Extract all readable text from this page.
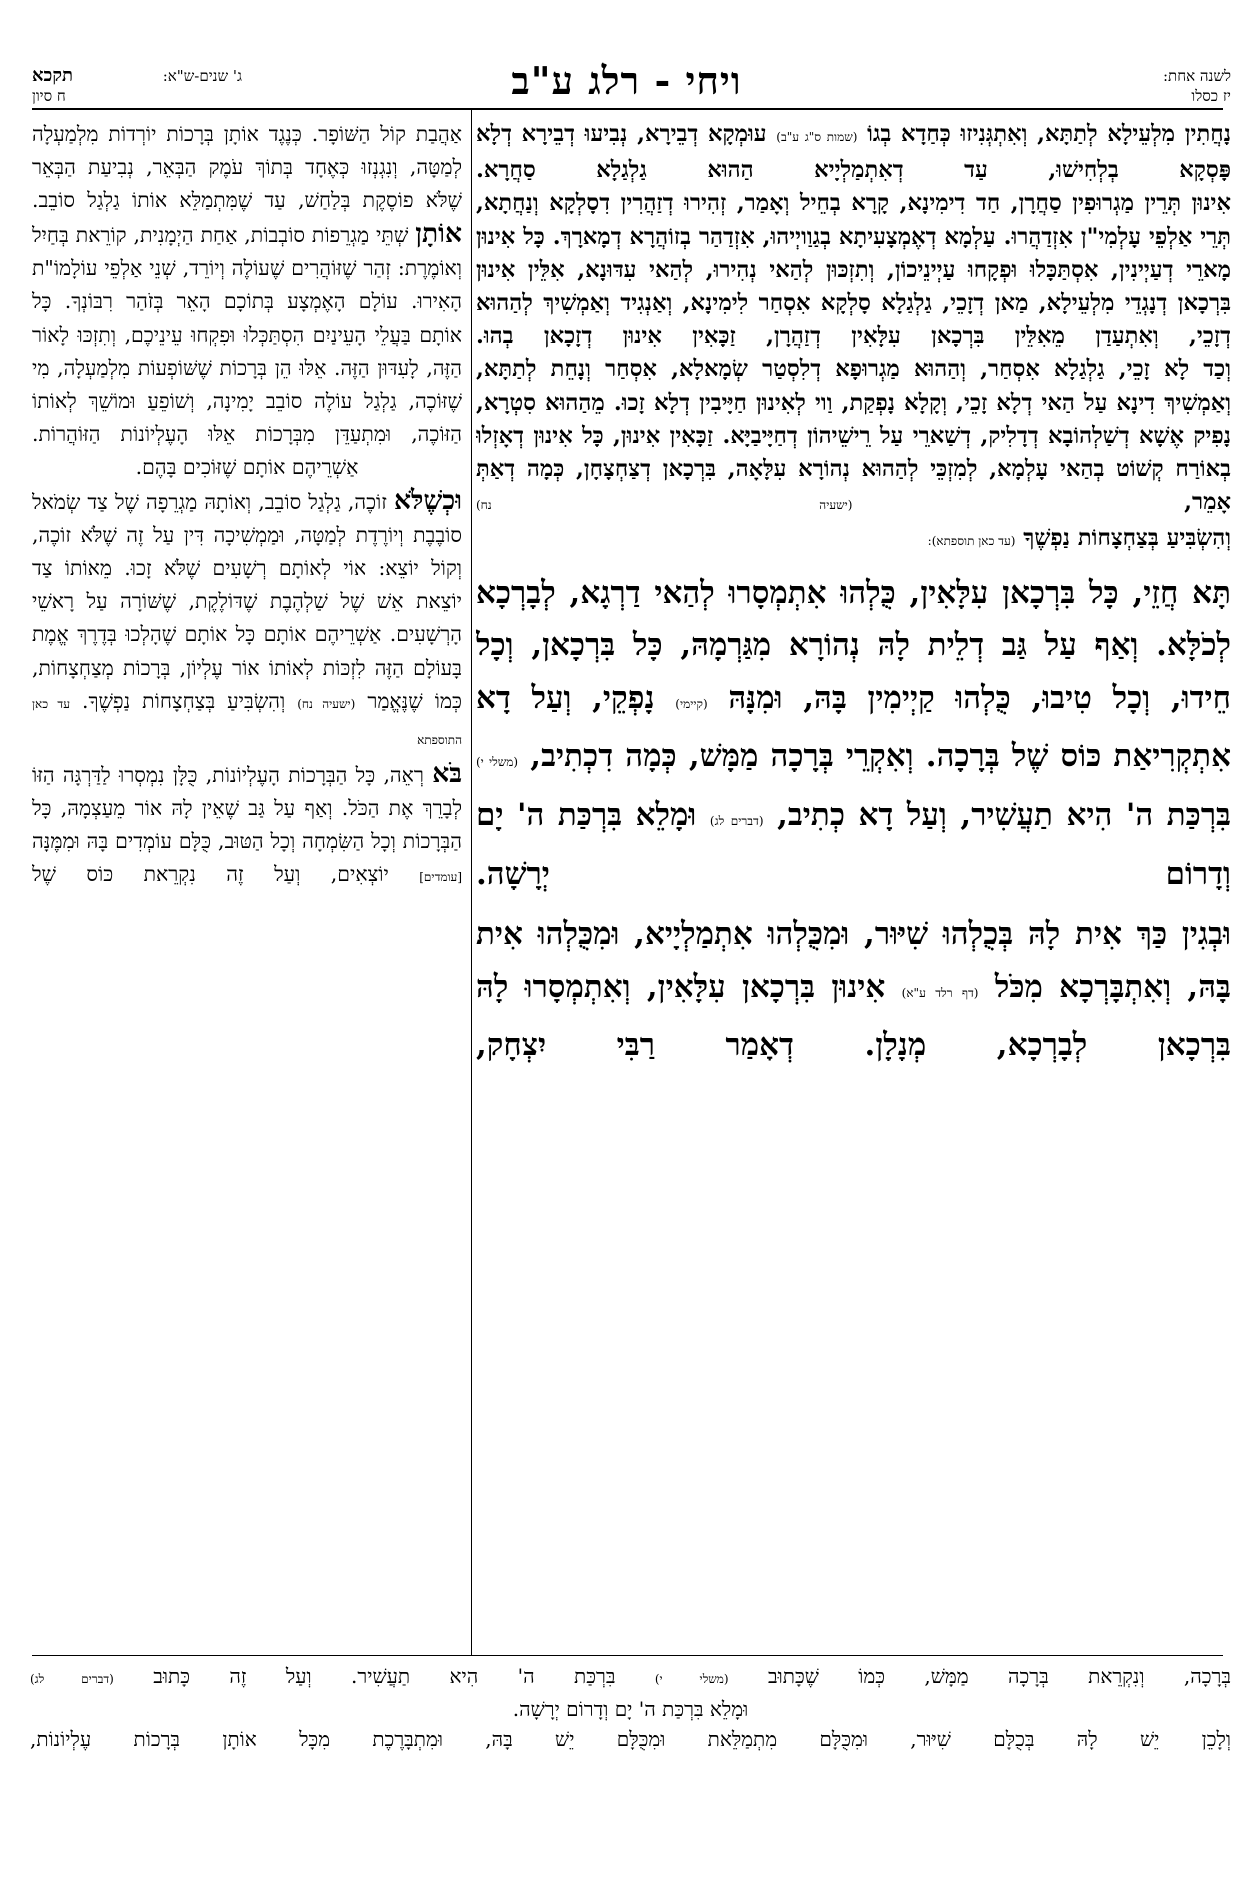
לשנה אחת:
יז כסלו
ויחי - רלג ע"ב
ג' שנים-ש"א:
תקכא
ח סיון

נָחֲתִין מִלְעֵילָא לְתַתָּא, וְאִתְגְּנִיזוּ כְּחַדָא בְגוֹ (שמות ס"ג ע"ב) עוּמְקָא דְבֵירָא, נְבִיעוּ דְבֵירָא דְלָא פָּסְקָא בְלְחִישׁוּ, עַד דְאִתְמַלְיָיא הַהוּא גַלְגַלָא סַחֲרָא.

אִינוּן תְּרֵין מַגְרוּפִין סַחֲרָן, חַד דִימִינָא, קָרָא בְחֵיל וְאָמַר, זְהִירוּ דְזַהֲרִין דִסָלְקָא וְנַחֲתָא, תְּרֵי אַלְפֵי עָלְמִי"ן אִזְדַהֲרוּ. עַלְמָא דְאֶמְצָעִיתָא בְגַוַויְיהוּ, אִזְדַהַר בְזוֹהֲרָא דְמָארָךְ. כָּל אִינוּן מָארֵי דְעַיְינִין, אִסְתַּכָּלוּ וּפְקָחוּ עַיְינֵיכוֹן, וְתִזְכּוּן לְהַאי נְהִירוּ, לְהַאי עִדּוּנָא, אִלֵּין אִינוּן בִּרְכָאן דְנָגְדֵי מִלְעֵילָא, מַאן דְזָכֵי, גַלְגַלָא סָלְקָא אִסְחַר לִימִינָא, וְאַנְגִיד וְאַמְשִׁיךְ לְהַהוּא דְזָכֵי, וְאִתְעַדַן מֵאִלֵּין בִּרְכָאן עִלָּאִין דְזַהֲרָן, זַכָּאִין אִינוּן דְזָכָאן בְהוּ.

וְכַד לָא זָכֵי, גַלְגַלָא אִסְחַר, וְהַהוּא מַגְרוּפָא דְלִסְטַר שְׂמָאלָא, אִסְחַר וְנָחֵת לְתַתָּא, וְאַמְשִׁיךְ דִינָא עַל הַאי דְלָא זָכֵי, וְקָלָא נָפְקַת, וַוי לְאִינוּן חַיָּיבִין דְלָא זָכוּ. מֵהַהוּא סִטְרָא, נָפִיק אֶשָׁא דְשַׁלְהוֹבָא דְדָלִיק, דְשַׁארֵי עַל רֵישֵׁיהוֹן דְחַיָּיבַיָּא. זַכָּאִין אִינוּן, כָּל אִינוּן דְאָזְלוּ בְאוֹרַח קְשׁוֹט בְהַאי עָלְמָא, לְמִזְכֵּי לְהַהוּא נְהוֹרָא עִלָּאָה, בִּרְכָאן דְצַחְצָחָן, כְּמָה דְאַתְּ אָמֵר, (ישעיה נח)

וְהִשְׂבִּיעַ בְּצַחְצָחוֹת נַפְשֶׁךָ (עד כאן תוספתא):

תָּא חֲזֵי, כָּל בִּרְכָאן עִלָּאִין, כֻּלְהוּ אִתְמְסָרוּ לְהַאי דַרְגָא, לְבָרְכָא לְכֹלָּא. וְאַף עַל גַּב דְלֵית לָהּ נְהוֹרָא מִגַּרְמָהּ, כָּל בִּרְכָאן, וְכָל חֵידוּ, וְכָל טִיבוּ, כֻּלְהוּ קַיְימִין בָּהּ, וּמִנָּהּ (קיימי) נָפְקֵי, וְעַל דָא אִתְקְרִיאַת כּוֹס שֶׁל בְּרָכָה. וְאִקְרֵי בְּרָכָה מַמָּשׁ, כְּמָה דִכְתִיב, (משלי י) בִּרְכַּת ה' הִיא תַעֲשִׁיר, וְעַל דָא כְתִיב, (דברים לג) וּמָלֵא בִּרְכַּת ה' יָם וְדָרוֹם יְרָשָׁה.

וּבְגִין כַּךְ אִית לָהּ בְּכֻלְהוּ שִׁיּוּר, וּמִכֻּלְהוּ אִתְמַלְיָיא, וּמִכֻּלְהוּ אִית בָּהּ, וְאִתְבָּרְכָא מִכֹּל (דף רלד ע"א) אִינוּן בִּרְכָאן עִלָּאִין, וְאִתְמְסָרוּ לָהּ בִּרְכָאן לְבָרְכָא, מְנָלָן. דְאָמַר רַבִּי יִצְחָק,

אַהֲבַת קוֹל הַשּׁוֹפָר. כְּנֶגֶד אוֹתָן בְּרָכוֹת יוֹרְדוֹת מִלְמַעְלָה לְמַטָּה, וְנִגְנְזוּ כְּאֶחָד בְּתוֹךְ עֹמֶק הַבְּאֵר, נְבִיעַת הַבְּאֵר שֶׁלֹּא פוֹסֶקֶת בְּלַחַשׁ, עַד שֶׁמִּתְמַלֵּא אוֹתוֹ גַלְגַל סוֹבֵב.

אוֹתָן שְׁתֵּי מַגְרֵפוֹת סוֹבְבוֹת, אַחַת הַיְמָנִית, קוֹרֵאת בְּחַיִל וְאוֹמֶרֶת: זְהַר שֶׁזּוֹהֲרִים שֶׁעוֹלֶה וְיוֹרֵד, שְׁנֵי אַלְפֵי עוֹלָמוֹ"ת הָאִירוּ. עוֹלָם הָאֶמְצָע בְּתוֹכָם הָאֵר בְּזֹהַר רִבּוֹנְךָ. כָּל אוֹתָם בַּעֲלֵי הָעֵינַיִם הִסְתַּכְּלוּ וּפִקְחוּ עֵינֵיכֶם, וְתִזְכּוּ לָאוֹר הַזֶּה, לָעִדּוּן הַזֶּה. אֵלּוּ הֵן בְּרָכוֹת שֶׁשּׁוֹפְעוֹת מִלְמַעְלָה, מִי שֶׁזּוֹכֶה, גַלְגַל עוֹלֶה סוֹבֵב יָמִינָה, וְשׁוֹפֵעַ וּמוֹשֵׁךְ לְאוֹתוֹ הַזּוֹכֶה, וּמִתְעַדֵּן מִבְּרָכוֹת אֵלּוּ הָעֶלְיוֹנוֹת הַזּוֹהֲרוֹת.

אַשְׁרֵיהֶם אוֹתָם שֶׁזּוֹכִים בָּהֶם.

וּכְשֶׁלֹּא זוֹכֶה, גַלְגַל סוֹבֵב, וְאוֹתָהּ מַגְרֵפָה שֶׁל צַד שְׂמֹאל סוֹבֶבֶת וְיוֹרֶדֶת לְמַטָּה, וּמַמְשִׁיכָה דִּין עַל זֶה שֶׁלֹּא זוֹכֶה, וְקוֹל יוֹצֵא: אוֹי לְאוֹתָם רְשָׁעִים שֶׁלֹּא זָכוּ. מֵאוֹתוֹ צַד יוֹצֵאת אֵשׁ שֶׁל שַׁלְהֶבֶת שֶׁדּוֹלֶקֶת, שֶׁשּׁוֹרָה עַל רָאשֵׁי הָרְשָׁעִים. אַשְׁרֵיהֶם אוֹתָם כָּל אוֹתָם שֶׁהָלְכוּ בְּדֶרֶךְ אֱמֶת בָּעוֹלָם הַזֶּה לִזְכּוֹת לְאוֹתוֹ אוֹר עֶלְיוֹן, בְּרָכוֹת מְצַחְצָחוֹת, כְּמוֹ שֶׁנֶּאֱמַר (ישעיה נח) וְהִשְׂבִּיעַ בְּצַחְצָחוֹת נַפְשֶׁךָ. עד כאן התוספתא

בֹּא רְאֵה, כָּל הַבְּרָכוֹת הָעֶלְיוֹנוֹת, כֻּלָּן נִמְסְרוּ לַדַּרְגָּה הַזּוֹ לְבָרֵךְ אֶת הַכֹּל. וְאַף עַל גַּב שֶׁאֵין לָהּ אוֹר מֵעַצְמָהּ, כָּל הַבְּרָכוֹת וְכָל הַשִּׂמְחָה וְכָל הַטּוּב, כֻּלָּם עוֹמְדִים בָּהּ וּמִמֶּנָּה [עומדים] יוֹצְאִים, וְעַל זֶה נִקְרֵאת כּוֹס שֶׁל

בְּרָכָה, וְנִקְרֵאת בְּרָכָה מַמָּשׁ, כְּמוֹ שֶׁכָּתוּב (משלי י) בִּרְכַּת ה' הִיא תַעֲשִׁיר. וְעַל זֶה כָּתוּב (דברים לג)

וּמָלֵא בִּרְכַּת ה' יָם וְדָרוֹם יְרָשָׁה.

וְלָכֵן יֵשׁ לָהּ בְּכֻלָּם שִׁיּוּר, וּמִכֻּלָּם מִתְמַלֵּאת וּמִכֻּלָּם יֵשׁ בָּהּ, וּמִתְבָּרֶכֶת מִכָּל אוֹתָן בְּרָכוֹת עֶלְיוֹנוֹת,
